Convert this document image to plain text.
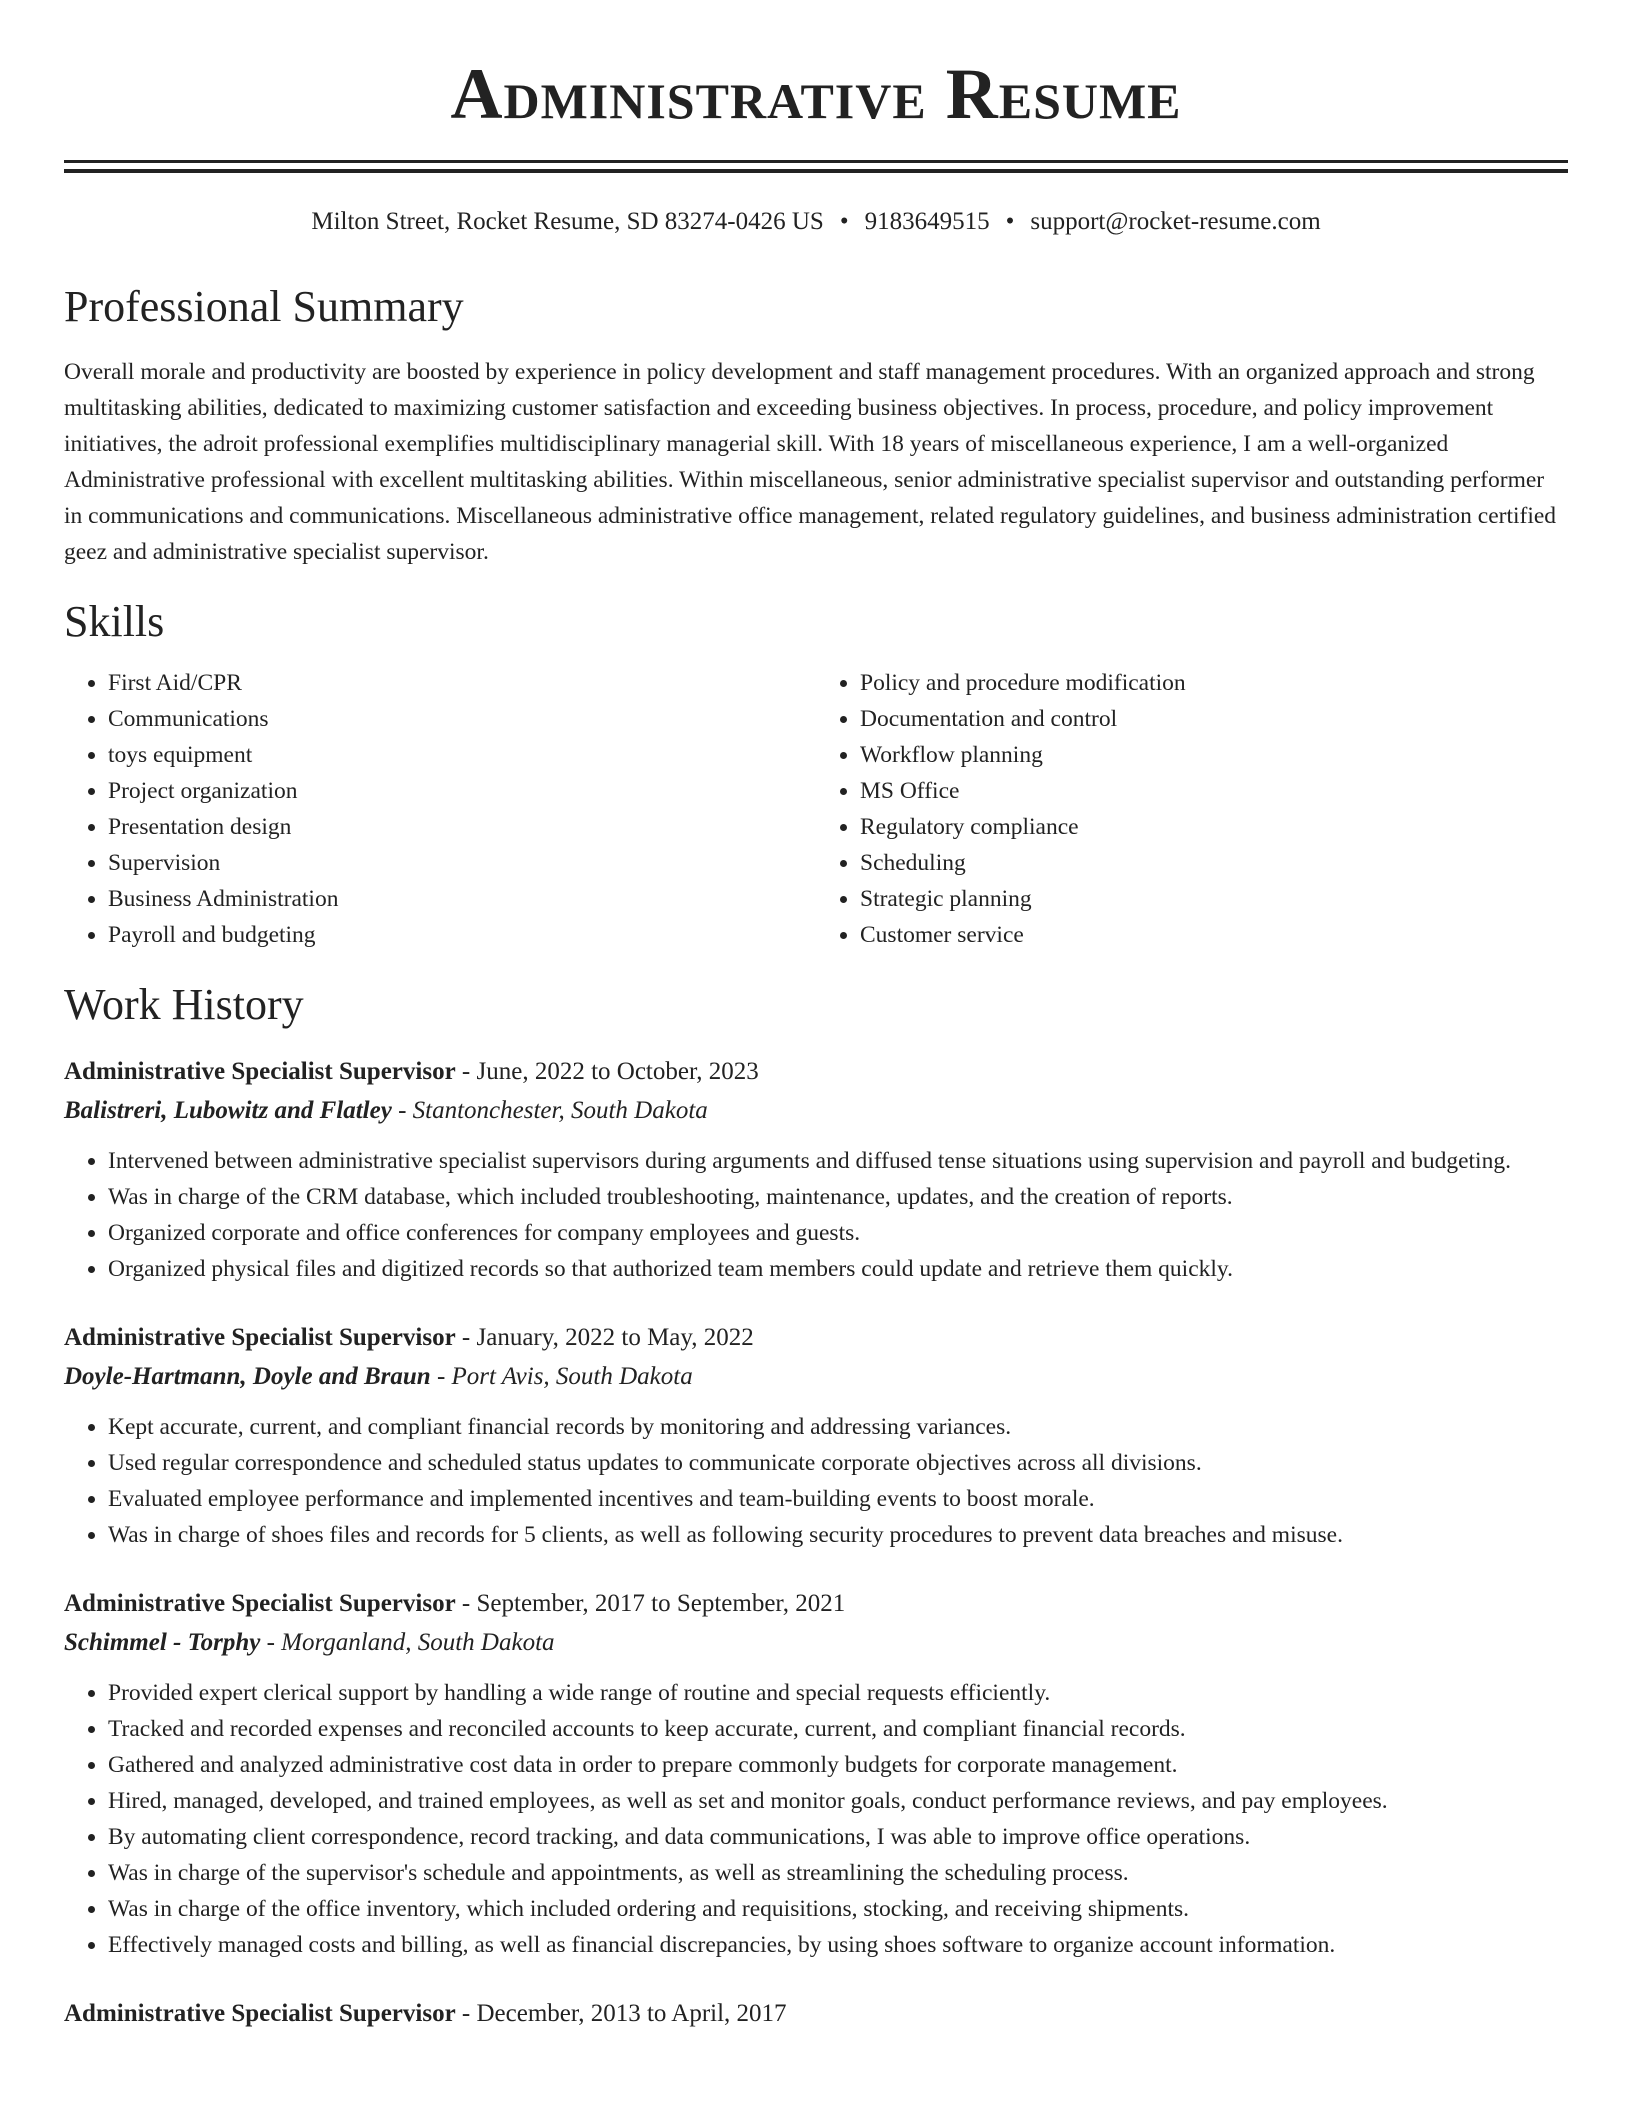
Administrative Resume
Milton Street, Rocket Resume, SD 83274-0426 US • 9183649515 • support@rocket-resume.com
Professional Summary

Overall morale and productivity are boosted by experience in policy development and staff management procedures. With an organized approach and strong multitasking abilities, dedicated to maximizing customer satisfaction and exceeding business objectives. In process, procedure, and policy improvement initiatives, the adroit professional exemplifies multidisciplinary managerial skill. With 18 years of miscellaneous experience, I am a well-organized Administrative professional with excellent multitasking abilities. Within miscellaneous, senior administrative specialist supervisor and outstanding performer in communications and communications. Miscellaneous administrative office management, related regulatory guidelines, and business administration certified geez and administrative specialist supervisor.

Skills
• First Aid/CPR
• Communications
• toys equipment
• Project organization
• Presentation design
• Supervision
• Business Administration
• Payroll and budgeting
• Policy and procedure modification
• Documentation and control
• Workflow planning
• MS Office
• Regulatory compliance
• Scheduling
• Strategic planning
• Customer service
Work History
Administrative Specialist Supervisor - June, 2022 to October, 2023
Balistreri, Lubowitz and Flatley - Stantonchester, South Dakota
• Intervened between administrative specialist supervisors during arguments and diffused tense situations using supervision and payroll and budgeting.
• Was in charge of the CRM database, which included troubleshooting, maintenance, updates, and the creation of reports.
• Organized corporate and office conferences for company employees and guests.
• Organized physical files and digitized records so that authorized team members could update and retrieve them quickly.
Administrative Specialist Supervisor - January, 2022 to May, 2022
Doyle-Hartmann, Doyle and Braun - Port Avis, South Dakota
• Kept accurate, current, and compliant financial records by monitoring and addressing variances.
• Used regular correspondence and scheduled status updates to communicate corporate objectives across all divisions.
• Evaluated employee performance and implemented incentives and team-building events to boost morale.
• Was in charge of shoes files and records for 5 clients, as well as following security procedures to prevent data breaches and misuse.
Administrative Specialist Supervisor - September, 2017 to September, 2021
Schimmel - Torphy - Morganland, South Dakota
• Provided expert clerical support by handling a wide range of routine and special requests efficiently.
• Tracked and recorded expenses and reconciled accounts to keep accurate, current, and compliant financial records.
• Gathered and analyzed administrative cost data in order to prepare commonly budgets for corporate management.
• Hired, managed, developed, and trained employees, as well as set and monitor goals, conduct performance reviews, and pay employees.
• By automating client correspondence, record tracking, and data communications, I was able to improve office operations.
• Was in charge of the supervisor's schedule and appointments, as well as streamlining the scheduling process.
• Was in charge of the office inventory, which included ordering and requisitions, stocking, and receiving shipments.
• Effectively managed costs and billing, as well as financial discrepancies, by using shoes software to organize account information.
Administrative Specialist Supervisor - December, 2013 to April, 2017
